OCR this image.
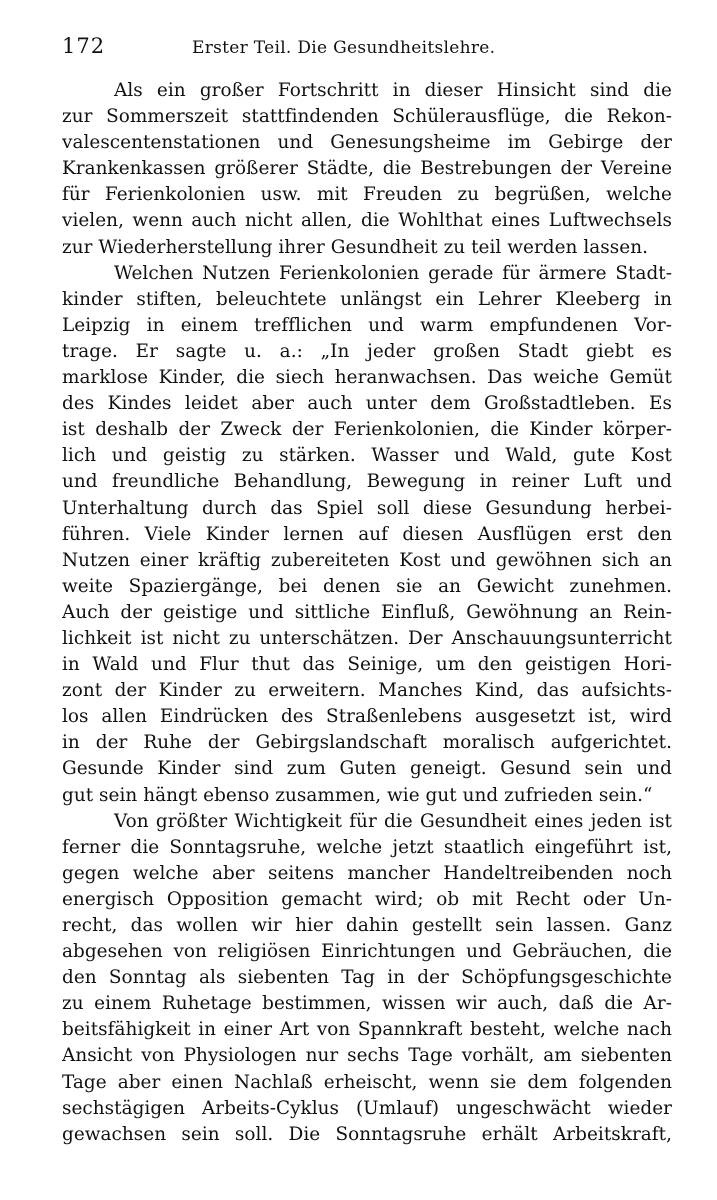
172	Erster Teil. Die Gesundheitslehre.
Als ein großer Fortschritt in dieser Hinsicht sind die
zur Sommerszeit stattfindenden Schülerausflüge, die Rekon-
valescentenstationen und Genesungsheime im Gebirge der
Krankenkassen größerer Städte, die Bestrebungen der Vereine
für Ferienkolonien usw. mit Freuden zu begrüßen, welche
vielen, wenn auch nicht allen, die Wohlthat eines Luftwechsels
zur Wiederherstellung ihrer Gesundheit zu teil werden lassen.
Welchen Nutzen Ferienkolonien gerade für ärmere Stadt-
kinder stiften, beleuchtete unlängst ein Lehrer Kleeberg in
Leipzig in einem trefflichen und warm empfundenen Vor-
trage. Er sagte u. a.: „In jeder großen Stadt giebt es
marklose Kinder, die siech heranwachsen. Das weiche Gemüt
des Kindes leidet aber auch unter dem Großstadtleben. Es
ist deshalb der Zweck der Ferienkolonien, die Kinder körper-
lich und geistig zu stärken. Wasser und Wald, gute Kost
und freundliche Behandlung, Bewegung in reiner Luft und
Unterhaltung durch das Spiel soll diese Gesundung herbei-
führen. Viele Kinder lernen auf diesen Ausflügen erst den
Nutzen einer kräftig zubereiteten Kost und gewöhnen sich an
weite Spaziergänge, bei denen sie an Gewicht zunehmen.
Auch der geistige und sittliche Einfluß, Gewöhnung an Rein-
lichkeit ist nicht zu unterschätzen. Der Anschauungsunterricht
in Wald und Flur thut das Seinige, um den geistigen Hori-
zont der Kinder zu erweitern. Manches Kind, das aufsichts-
los allen Eindrücken des Straßenlebens ausgesetzt ist, wird
in der Ruhe der Gebirgslandschaft moralisch aufgerichtet.
Gesunde Kinder sind zum Guten geneigt. Gesund sein und
gut sein hängt ebenso zusammen, wie gut und zufrieden sein.“
Von größter Wichtigkeit für die Gesundheit eines jeden ist
ferner die Sonntagsruhe, welche jetzt staatlich eingeführt ist,
gegen welche aber seitens mancher Handeltreibenden noch
energisch Opposition gemacht wird; ob mit Recht oder Un-
recht, das wollen wir hier dahin gestellt sein lassen. Ganz
abgesehen von religiösen Einrichtungen und Gebräuchen, die
den Sonntag als siebenten Tag in der Schöpfungsgeschichte
zu einem Ruhetage bestimmen, wissen wir auch, daß die Ar-
beitsfähigkeit in einer Art von Spannkraft besteht, welche nach
Ansicht von Physiologen nur sechs Tage vorhält, am siebenten
Tage aber einen Nachlaß erheischt, wenn sie dem folgenden
sechstägigen Arbeits-Cyklus (Umlauf) ungeschwächt wieder
gewachsen sein soll. Die Sonntagsruhe erhält Arbeitskraft,
